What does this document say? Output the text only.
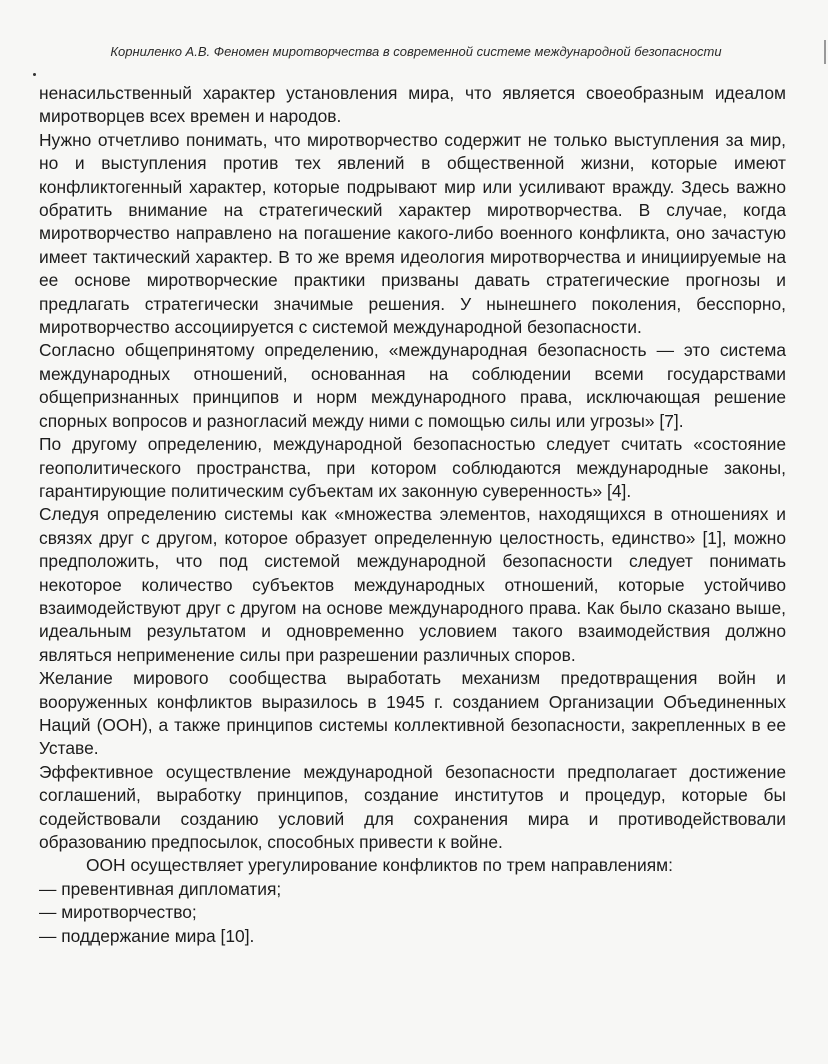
Корниленко А.В. Феномен миротворчества в современной системе международной безопасности

ненасильственный характер установления мира, что является своеобразным идеалом миротворцев всех времен и народов.

Нужно отчетливо понимать, что миротворчество содержит не только выступления за мир, но и выступления против тех явлений в общественной жизни, которые имеют конфликтогенный характер, которые подрывают мир или усиливают вражду. Здесь важно обратить внимание на стратегический характер миротворчества. В случае, когда миротворчество направлено на погашение какого-либо военного конфликта, оно зачастую имеет тактический характер. В то же время идеология миротворчества и инициируемые на ее основе миротворческие практики призваны давать стратегические прогнозы и предлагать стратегически значимые решения. У нынешнего поколения, бесспорно, миротворчество ассоциируется с системой международной безопасности.

Согласно общепринятому определению, «международная безопасность — это система международных отношений, основанная на соблюдении всеми государствами общепризнанных принципов и норм международного права, исключающая решение спорных вопросов и разногласий между ними с помощью силы или угрозы» [7].

По другому определению, международной безопасностью следует считать «состояние геополитического пространства, при котором соблюдаются международные законы, гарантирующие политическим субъектам их законную суверенность» [4].

Следуя определению системы как «множества элементов, находящихся в отношениях и связях друг с другом, которое образует определенную целостность, единство» [1], можно предположить, что под системой международной безопасности следует понимать некоторое количество субъектов международных отношений, которые устойчиво взаимодействуют друг с другом на основе международного права. Как было сказано выше, идеальным результатом и одновременно условием такого взаимодействия должно являться неприменение силы при разрешении различных споров.

Желание мирового сообщества выработать механизм предотвращения войн и вооруженных конфликтов выразилось в 1945 г. созданием Организации Объединенных Наций (ООН), а также принципов системы коллективной безопасности, закрепленных в ее Уставе.

Эффективное осуществление международной безопасности предполагает достижение соглашений, выработку принципов, создание институтов и процедур, которые бы содействовали созданию условий для сохранения мира и противодействовали образованию предпосылок, способных привести к войне.

ООН осуществляет урегулирование конфликтов по трем направлениям:

— превентивная дипломатия;

— миротворчество;

— поддержание мира [10].
